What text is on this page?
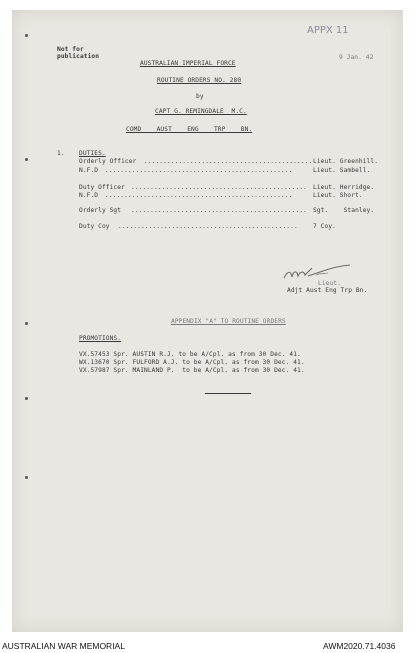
APPX 11
Not for
publication	9 Jan. 42
AUSTRALIAN IMPERIAL FORCE
ROUTINE ORDERS NO. 280
by
CAPT G. REMINGDALE  M.C.
COMD    AUST    ENG    TRP    BN.
1. DUTIES.
Orderly Officer ............................................ Lieut. Greenhill.
N.F.D .................................................	Lieut. Sambell.
Duty Officer .............................................. Lieut. Herridge.
N.F.D .................................................	Lieut. Short.
Orderly Sgt .............................................. Sgt.    Stanley.
Duty Coy ............................................... 7 Coy.
Lieut.
Adjt Aust Eng Trp Bn.
APPENDIX "A" TO ROUTINE ORDERS
PROMOTIONS.
VX.57453 Spr. AUSTIN R.J. to be A/Cpl. as from 30 Dec. 41.
WX.13670 Spr. FULFORD A.J. to be A/Cpl. as from 30 Dec. 41.
VX.57987 Spr. MAINLAND P.  to be A/Cpl. as from 30 Dec. 41.
AUSTRALIAN WAR MEMORIAL	AWM2020.71.4036
